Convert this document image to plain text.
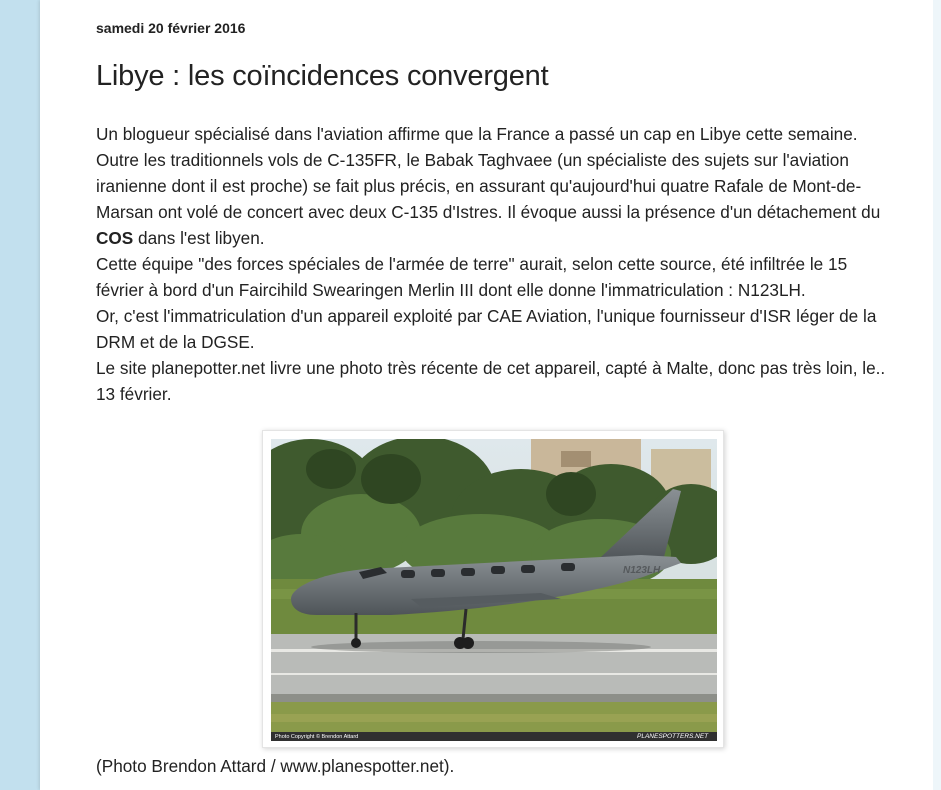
samedi 20 février 2016
Libye : les coïncidences convergent

Un blogueur spécialisé dans l'aviation affirme que la France a passé un cap en Libye cette semaine.

Outre les traditionnels vols de C-135FR, le Babak Taghvaee (un spécialiste des sujets sur l'aviation iranienne dont il est proche) se fait plus précis, en assurant qu'aujourd'hui quatre Rafale de Mont-de-Marsan ont volé de concert avec deux C-135 d'Istres. Il évoque aussi la présence d'un détachement du COS dans l'est libyen.

Cette équipe "des forces spéciales de l'armée de terre" aurait, selon cette source, été infiltrée le 15 février à bord d'un Faircihild Swearingen Merlin III dont elle donne l'immatriculation : N123LH.

Or, c'est l'immatriculation d'un appareil exploité par CAE Aviation, l'unique fournisseur d'ISR léger de la DRM et de la DGSE.

Le site planepotter.net livre une photo très récente de cet appareil, capté à Malte, donc pas très loin, le.. 13 février.

N123LH
Photo Copyright © Brendon Attard	PLANESPOTTERS.NET
(Photo Brendon Attard / www.planespotter.net).
